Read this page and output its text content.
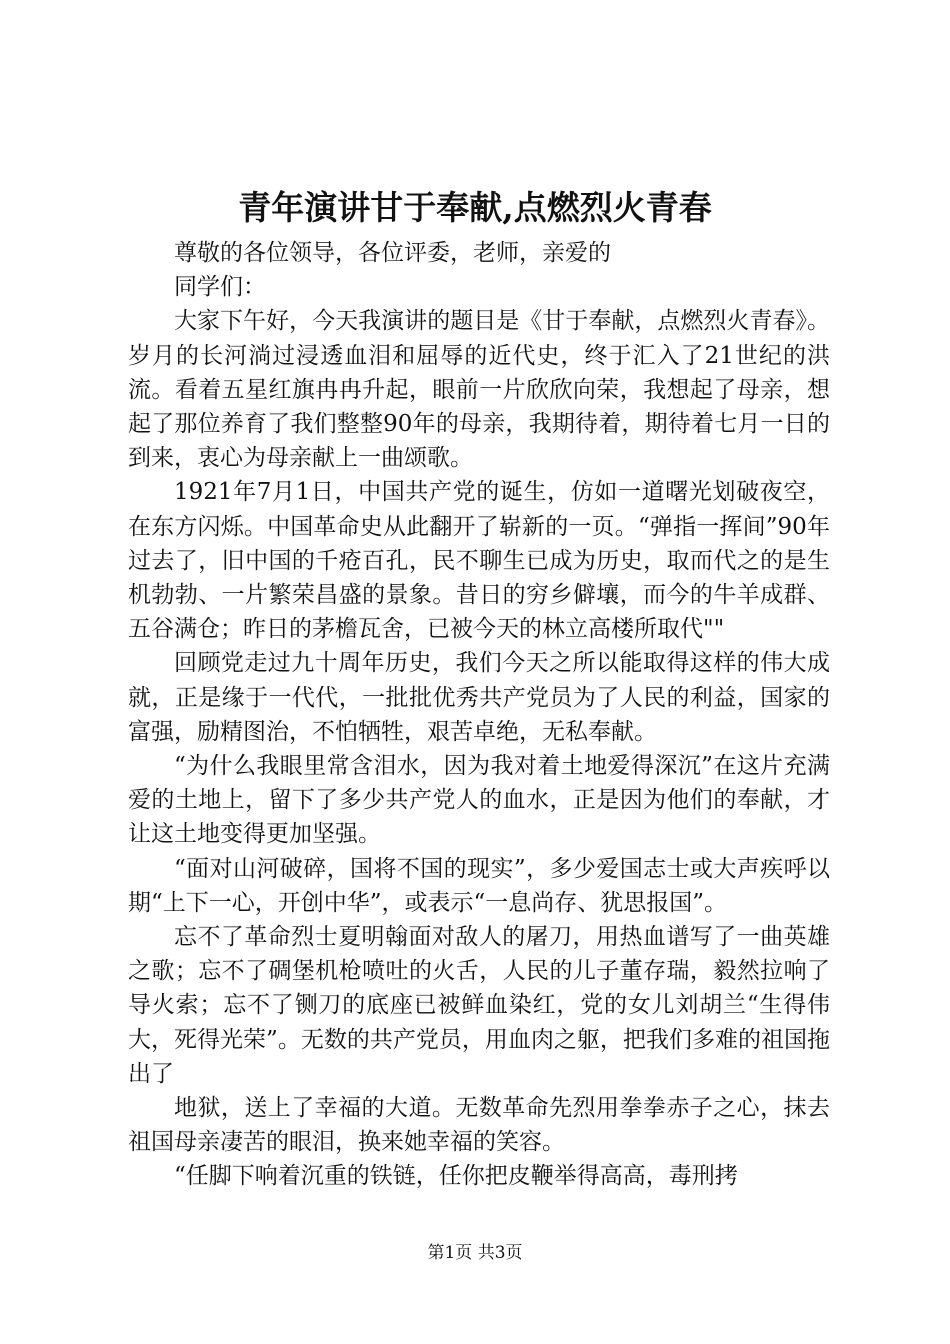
青年演讲甘于奉献,点燃烈火青春

尊敬的各位领导，各位评委，老师，亲爱的

同学们：

大家下午好，今天我演讲的题目是《甘于奉献，点燃烈火青春》。岁月的长河淌过浸透血泪和屈辱的近代史，终于汇入了21世纪的洪流。看着五星红旗冉冉升起，眼前一片欣欣向荣，我想起了母亲，想起了那位养育了我们整整90年的母亲，我期待着，期待着七月一日的到来，衷心为母亲献上一曲颂歌。

1921年7月1日，中国共产党的诞生，仿如一道曙光划破夜空，在东方闪烁。中国革命史从此翻开了崭新的一页。“弹指一挥间”90年过去了，旧中国的千疮百孔，民不聊生已成为历史，取而代之的是生机勃勃、一片繁荣昌盛的景象。昔日的穷乡僻壤，而今的牛羊成群、五谷满仓；昨日的茅檐瓦舍，已被今天的林立高楼所取代""

回顾党走过九十周年历史，我们今天之所以能取得这样的伟大成就，正是缘于一代代，一批批优秀共产党员为了人民的利益，国家的富强，励精图治，不怕牺牲，艰苦卓绝，无私奉献。

“为什么我眼里常含泪水，因为我对着土地爱得深沉”在这片充满爱的土地上，留下了多少共产党人的血水，正是因为他们的奉献，才让这土地变得更加坚强。

“面对山河破碎，国将不国的现实”，多少爱国志士或大声疾呼以期“上下一心，开创中华”，或表示“一息尚存、犹思报国”。

忘不了革命烈士夏明翰面对敌人的屠刀，用热血谱写了一曲英雄之歌；忘不了碉堡机枪喷吐的火舌，人民的儿子董存瑞，毅然拉响了导火索；忘不了铡刀的底座已被鲜血染红，党的女儿刘胡兰“生得伟大，死得光荣”。无数的共产党员，用血肉之躯，把我们多难的祖国拖出了

地狱，送上了幸福的大道。无数革命先烈用拳拳赤子之心，抹去祖国母亲凄苦的眼泪，换来她幸福的笑容。

“任脚下响着沉重的铁链，任你把皮鞭举得高高，毒刑拷

第1页 共3页
